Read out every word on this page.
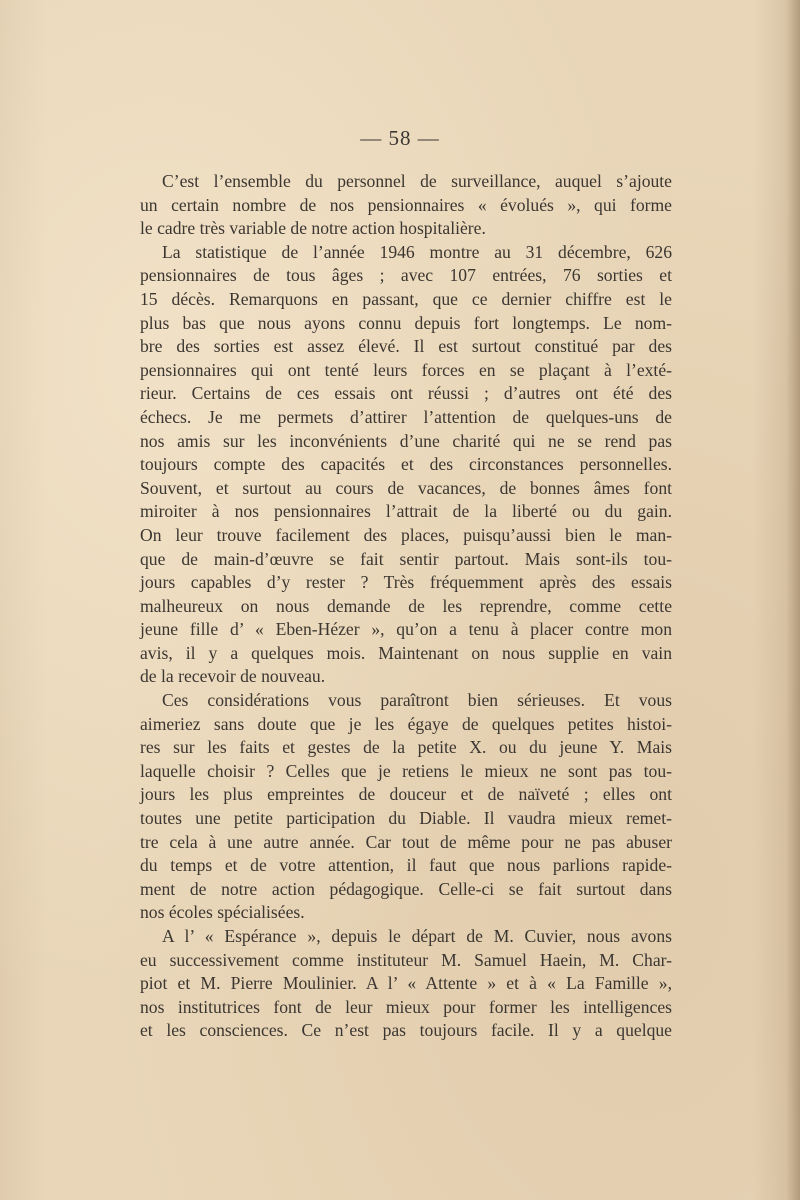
— 58 —
C’est l’ensemble du personnel de surveillance, auquel s’ajoute
un certain nombre de nos pensionnaires « évolués », qui forme
le cadre très variable de notre action hospitalière.
La statistique de l’année 1946 montre au 31 décembre, 626
pensionnaires de tous âges ; avec 107 entrées, 76 sorties et
15 décès. Remarquons en passant, que ce dernier chiffre est le
plus bas que nous ayons connu depuis fort longtemps. Le nom-
bre des sorties est assez élevé. Il est surtout constitué par des
pensionnaires qui ont tenté leurs forces en se plaçant à l’exté-
rieur. Certains de ces essais ont réussi ; d’autres ont été des
échecs. Je me permets d’attirer l’attention de quelques-uns de
nos amis sur les inconvénients d’une charité qui ne se rend pas
toujours compte des capacités et des circonstances personnelles.
Souvent, et surtout au cours de vacances, de bonnes âmes font
miroiter à nos pensionnaires l’attrait de la liberté ou du gain.
On leur trouve facilement des places, puisqu’aussi bien le man-
que de main-d’œuvre se fait sentir partout. Mais sont-ils tou-
jours capables d’y rester ? Très fréquemment après des essais
malheureux on nous demande de les reprendre, comme cette
jeune fille d’ « Eben-Hézer », qu’on a tenu à placer contre mon
avis, il y a quelques mois. Maintenant on nous supplie en vain
de la recevoir de nouveau.
Ces considérations vous paraîtront bien sérieuses. Et vous
aimeriez sans doute que je les égaye de quelques petites histoi-
res sur les faits et gestes de la petite X. ou du jeune Y. Mais
laquelle choisir ? Celles que je retiens le mieux ne sont pas tou-
jours les plus empreintes de douceur et de naïveté ; elles ont
toutes une petite participation du Diable. Il vaudra mieux remet-
tre cela à une autre année. Car tout de même pour ne pas abuser
du temps et de votre attention, il faut que nous parlions rapide-
ment de notre action pédagogique. Celle-ci se fait surtout dans
nos écoles spécialisées.
A l’ « Espérance », depuis le départ de M. Cuvier, nous avons
eu successivement comme instituteur M. Samuel Haein, M. Char-
piot et M. Pierre Moulinier. A l’ « Attente » et à « La Famille »,
nos institutrices font de leur mieux pour former les intelligences
et les consciences. Ce n’est pas toujours facile. Il y a quelque
